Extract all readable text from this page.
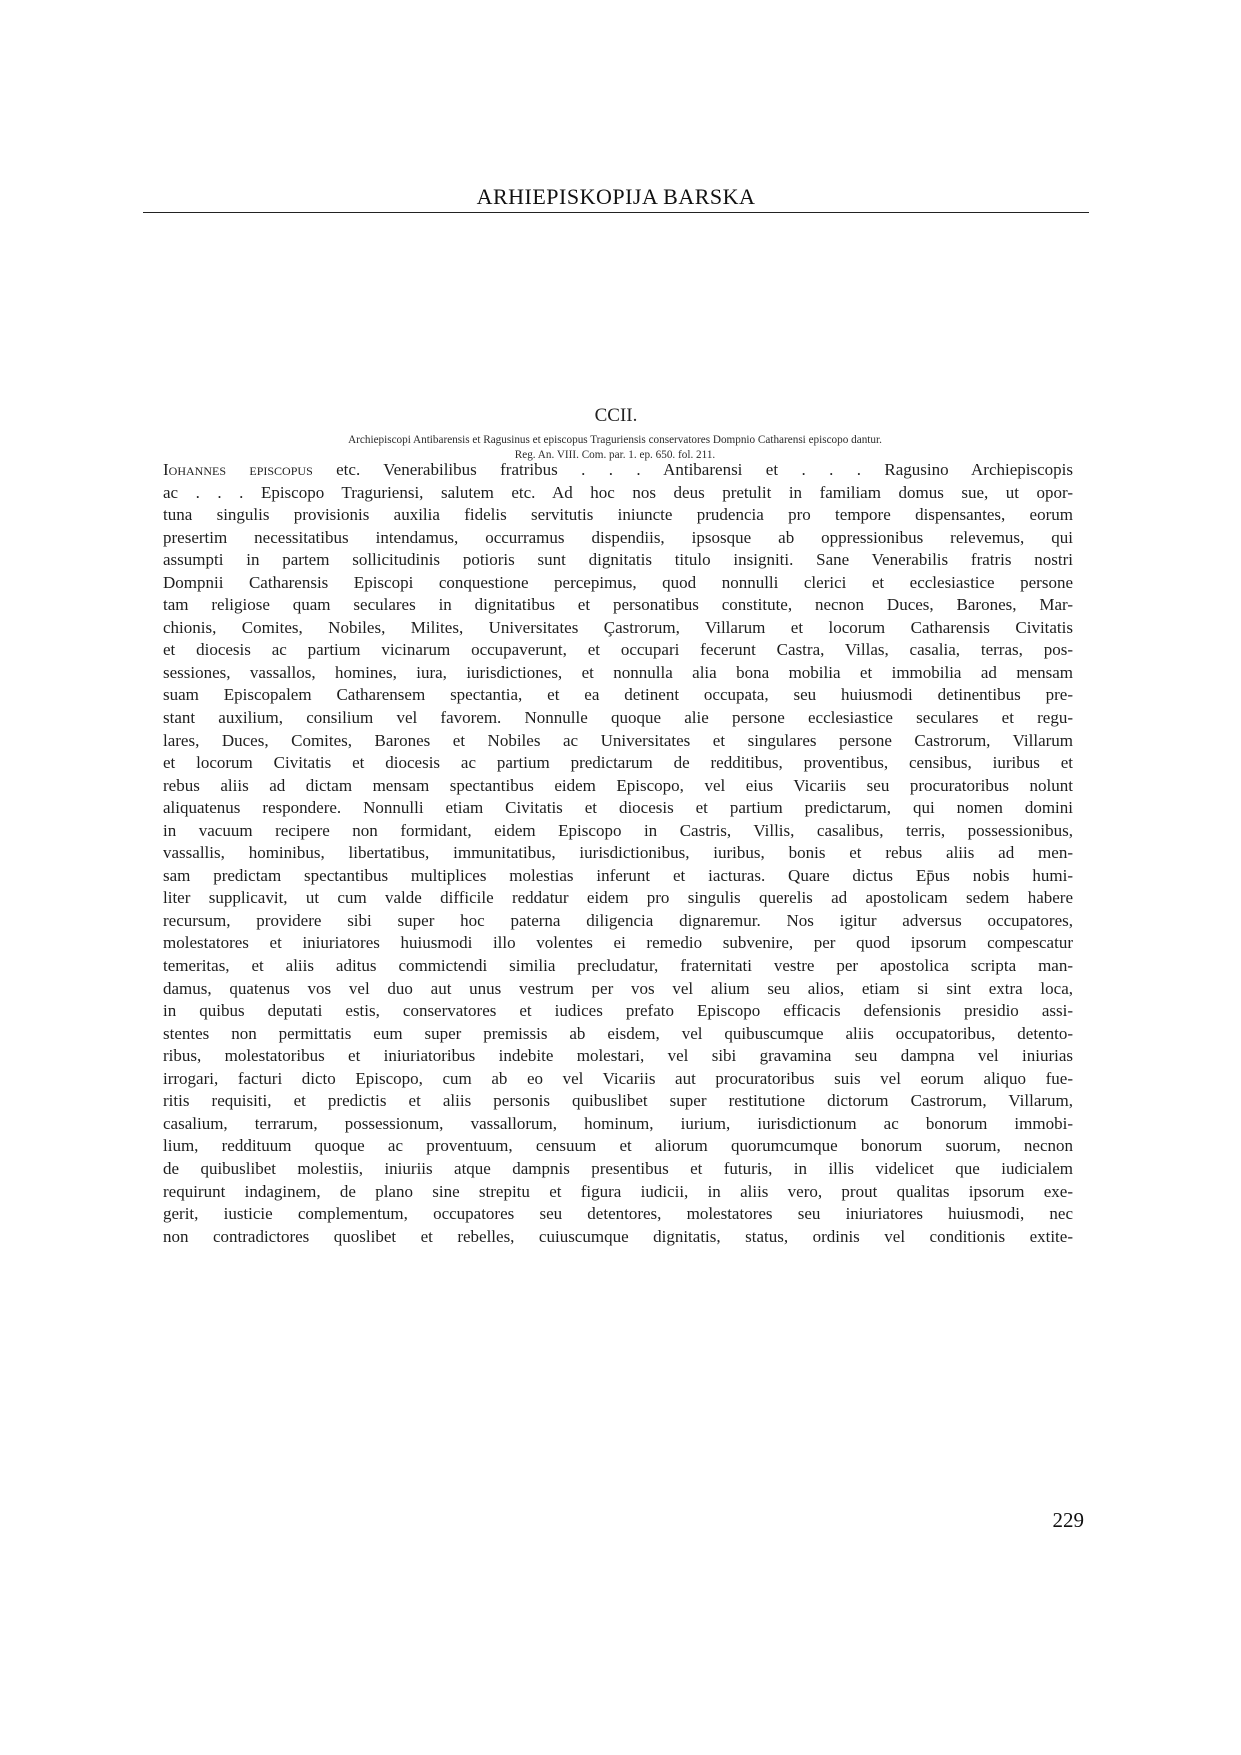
ARHIEPISKOPIJA BARSKA
CCII.
Archiepiscopi Antibarensis et Ragusinus et episcopus Traguriensis conservatores Dompnio Catharensi episcopo dantur.
Reg. An. VIII. Com. par. 1. ep. 650. fol. 211.
Iohannes episcopus etc. Venerabilibus fratribus . . . Antibarensi et . . . Ragusino Archiepiscopis
ac . . . Episcopo Traguriensi, salutem etc. Ad hoc nos deus pretulit in familiam domus sue, ut opor-
tuna singulis provisionis auxilia fidelis servitutis iniuncte prudencia pro tempore dispensantes, eorum
presertim necessitatibus intendamus, occurramus dispendiis, ipsosque ab oppressionibus relevemus, qui
assumpti in partem sollicitudinis potioris sunt dignitatis titulo insigniti. Sane Venerabilis fratris nostri
Dompnii Catharensis Episcopi conquestione percepimus, quod nonnulli clerici et ecclesiastice persone
tam religiose quam seculares in dignitatibus et personatibus constitute, necnon Duces, Barones, Mar-
chionis, Comites, Nobiles, Milites, Universitates Çastrorum, Villarum et locorum Catharensis Civitatis
et diocesis ac partium vicinarum occupaverunt, et occupari fecerunt Castra, Villas, casalia, terras, pos-
sessiones, vassallos, homines, iura, iurisdictiones, et nonnulla alia bona mobilia et immobilia ad mensam
suam Episcopalem Catharensem spectantia, et ea detinent occupata, seu huiusmodi detinentibus pre-
stant auxilium, consilium vel favorem. Nonnulle quoque alie persone ecclesiastice seculares et regu-
lares, Duces, Comites, Barones et Nobiles ac Universitates et singulares persone Castrorum, Villarum
et locorum Civitatis et diocesis ac partium predictarum de redditibus, proventibus, censibus, iuribus et
rebus aliis ad dictam mensam spectantibus eidem Episcopo, vel eius Vicariis seu procuratoribus nolunt
aliquatenus respondere. Nonnulli etiam Civitatis et diocesis et partium predictarum, qui nomen domini
in vacuum recipere non formidant, eidem Episcopo in Castris, Villis, casalibus, terris, possessionibus,
vassallis, hominibus, libertatibus, immunitatibus, iurisdictionibus, iuribus, bonis et rebus aliis ad men-
sam predictam spectantibus multiplices molestias inferunt et iacturas. Quare dictus Ep̄us nobis humi-
liter supplicavit, ut cum valde difficile reddatur eidem pro singulis querelis ad apostolicam sedem habere
recursum, providere sibi super hoc paterna diligencia dignaremur. Nos igitur adversus occupatores,
molestatores et iniuriatores huiusmodi illo volentes ei remedio subvenire, per quod ipsorum compescatur
temeritas, et aliis aditus commictendi similia precludatur, fraternitati vestre per apostolica scripta man-
damus, quatenus vos vel duo aut unus vestrum per vos vel alium seu alios, etiam si sint extra loca,
in quibus deputati estis, conservatores et iudices prefato Episcopo efficacis defensionis presidio assi-
stentes non permittatis eum super premissis ab eisdem, vel quibuscumque aliis occupatoribus, detento-
ribus, molestatoribus et iniuriatoribus indebite molestari, vel sibi gravamina seu dampna vel iniurias
irrogari, facturi dicto Episcopo, cum ab eo vel Vicariis aut procuratoribus suis vel eorum aliquo fue-
ritis requisiti, et predictis et aliis personis quibuslibet super restitutione dictorum Castrorum, Villarum,
casalium, terrarum, possessionum, vassallorum, hominum, iurium, iurisdictionum ac bonorum immobi-
lium, reddituum quoque ac proventuum, censuum et aliorum quorumcumque bonorum suorum, necnon
de quibuslibet molestiis, iniuriis atque dampnis presentibus et futuris, in illis videlicet que iudicialem
requirunt indaginem, de plano sine strepitu et figura iudicii, in aliis vero, prout qualitas ipsorum exe-
gerit, iusticie complementum, occupatores seu detentores, molestatores seu iniuriatores huiusmodi, nec
non contradictores quoslibet et rebelles, cuiuscumque dignitatis, status, ordinis vel conditionis extite-
229
